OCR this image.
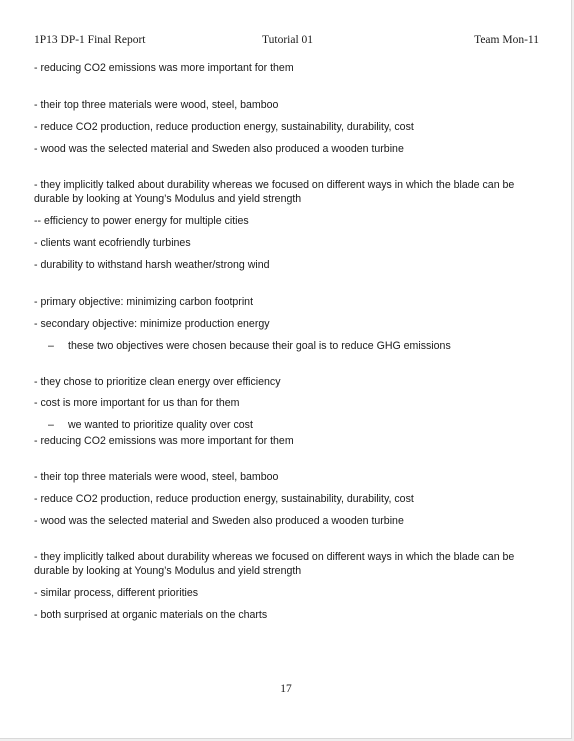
1P13 DP-1 Final Report	Tutorial 01	Team Mon-11

- reducing CO2 emissions was more important for them

- their top three materials were wood, steel, bamboo

- reduce CO2 production, reduce production energy, sustainability, durability, cost

- wood was the selected material and Sweden also produced a wooden turbine

- they implicitly talked about durability whereas we focused on different ways in which the blade can be durable by looking at Young’s Modulus and yield strength

-- efficiency to power energy for multiple cities

- clients want ecofriendly turbines

- durability to withstand harsh weather/strong wind

- primary objective: minimizing carbon footprint

- secondary objective: minimize production energy

– these two objectives were chosen because their goal is to reduce GHG emissions

- they chose to prioritize clean energy over efficiency

- cost is more important for us than for them

– we wanted to prioritize quality over cost

- reducing CO2 emissions was more important for them

- their top three materials were wood, steel, bamboo

- reduce CO2 production, reduce production energy, sustainability, durability, cost

- wood was the selected material and Sweden also produced a wooden turbine

- they implicitly talked about durability whereas we focused on different ways in which the blade can be durable by looking at Young’s Modulus and yield strength

- similar process, different priorities

- both surprised at organic materials on the charts

17
